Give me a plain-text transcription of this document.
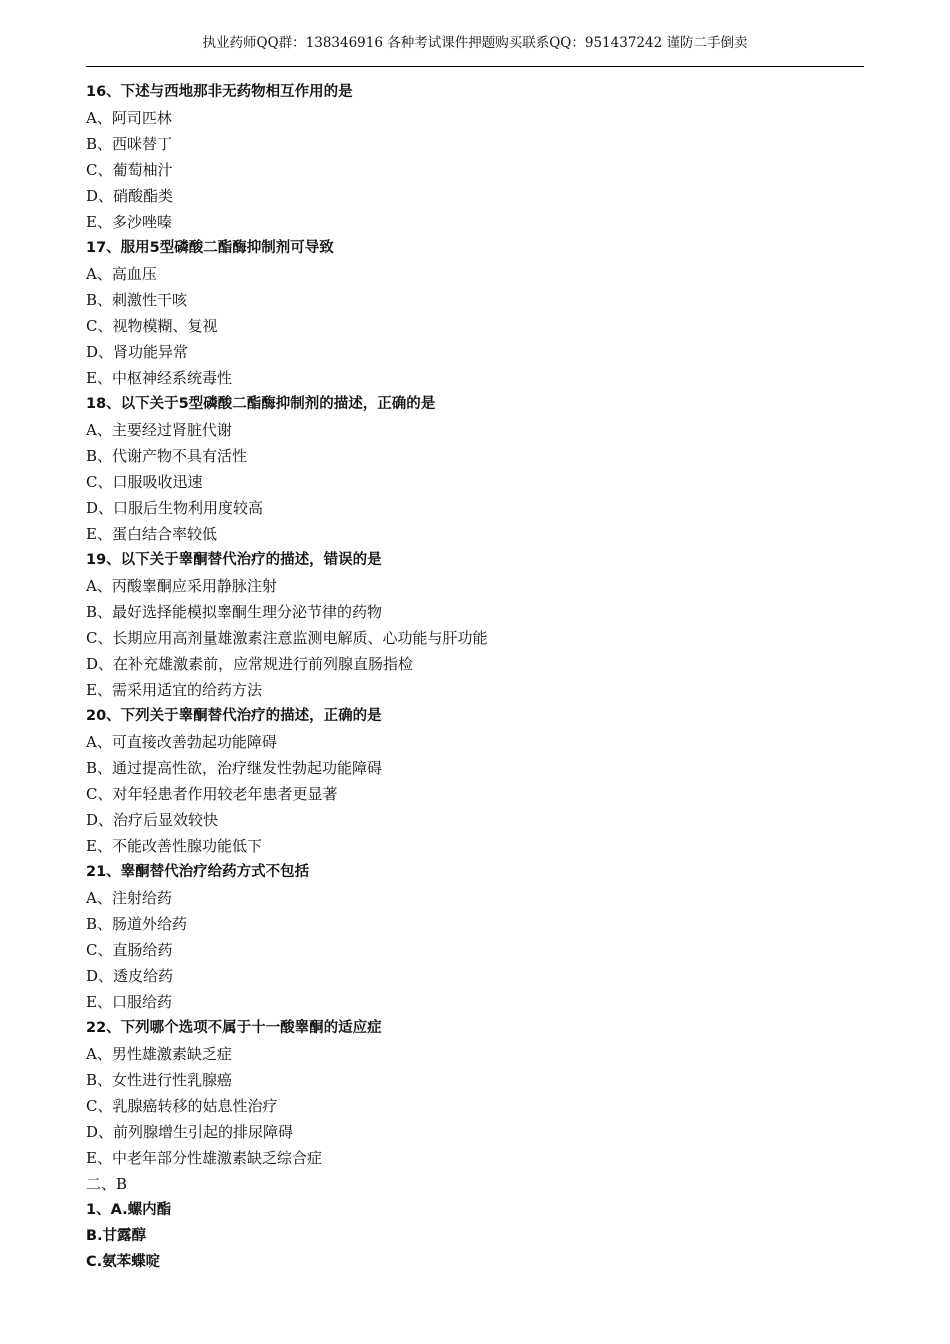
执业药师QQ群：138346916 各种考试课件押题购买联系QQ：951437242 谨防二手倒卖
16、下述与西地那非无药物相互作用的是
A、阿司匹林
B、西咪替丁
C、葡萄柚汁
D、硝酸酯类
E、多沙唑嗪
17、服用5型磷酸二酯酶抑制剂可导致
A、高血压
B、刺激性干咳
C、视物模糊、复视
D、肾功能异常
E、中枢神经系统毒性
18、以下关于5型磷酸二酯酶抑制剂的描述，正确的是
A、主要经过肾脏代谢
B、代谢产物不具有活性
C、口服吸收迅速
D、口服后生物利用度较高
E、蛋白结合率较低
19、以下关于睾酮替代治疗的描述，错误的是
A、丙酸睾酮应采用静脉注射
B、最好选择能模拟睾酮生理分泌节律的药物
C、长期应用高剂量雄激素注意监测电解质、心功能与肝功能
D、在补充雄激素前，应常规进行前列腺直肠指检
E、需采用适宜的给药方法
20、下列关于睾酮替代治疗的描述，正确的是
A、可直接改善勃起功能障碍
B、通过提高性欲，治疗继发性勃起功能障碍
C、对年轻患者作用较老年患者更显著
D、治疗后显效较快
E、不能改善性腺功能低下
21、睾酮替代治疗给药方式不包括
A、注射给药
B、肠道外给药
C、直肠给药
D、透皮给药
E、口服给药
22、下列哪个选项不属于十一酸睾酮的适应症
A、男性雄激素缺乏症
B、女性进行性乳腺癌
C、乳腺癌转移的姑息性治疗
D、前列腺增生引起的排尿障碍
E、中老年部分性雄激素缺乏综合症
二、B
1、A.螺内酯
B.甘露醇
C.氨苯蝶啶
